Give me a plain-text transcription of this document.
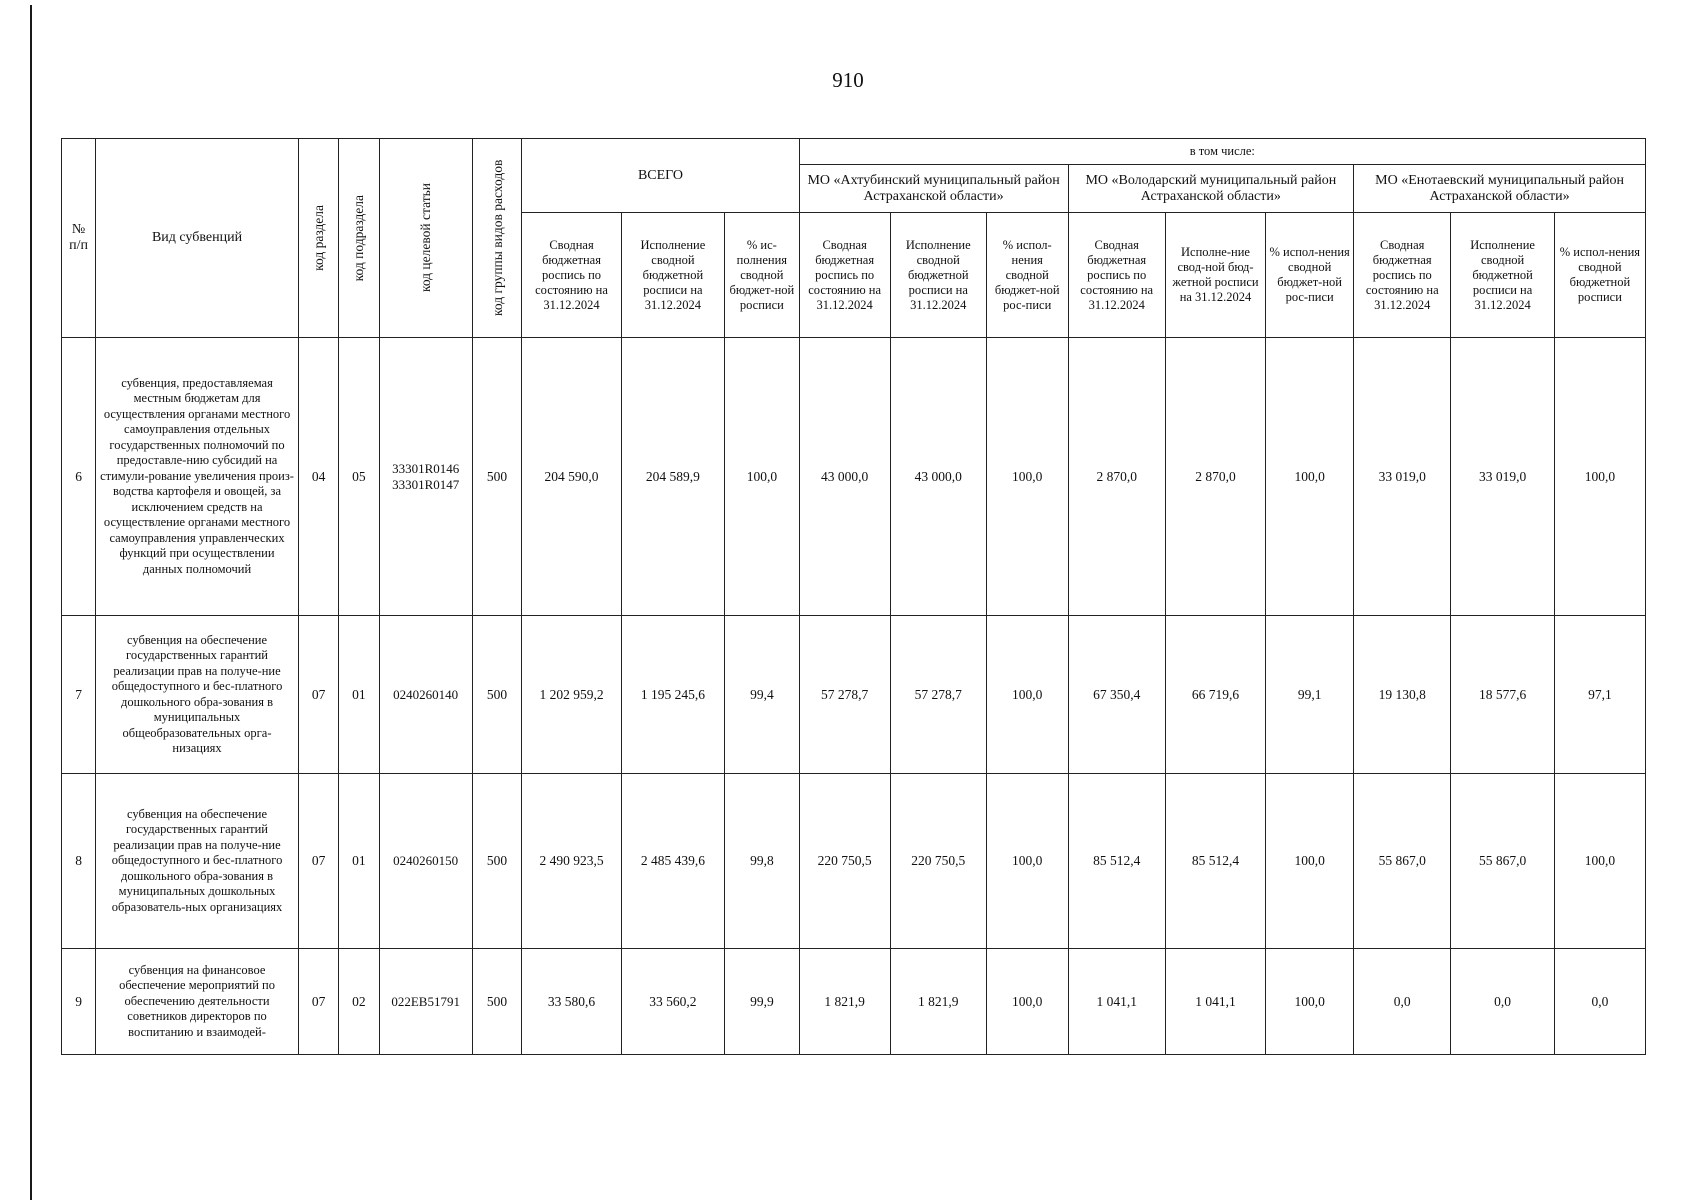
910
№ п/п	Вид субвенций	код раздела	код подраздела	код целевой статьи	код группы видов расходов	ВСЕГО			в том числе:								
									МО «Ахтубинский муниципальный район Астраханской области»			МО «Володарский муниципальный район Астраханской области»			МО «Енотаевский муниципальный район Астраханской области»		
						Сводная бюджетная роспись по состоянию на 31.12.2024	Исполнение сводной бюджетной росписи на 31.12.2024	% ис-полнения сводной бюджет-ной росписи	Сводная бюджетная роспись по состоянию на 31.12.2024	Исполнение сводной бюджетной росписи на 31.12.2024	% испол-нения сводной бюджет-ной рос-писи	Сводная бюджетная роспись по состоянию на 31.12.2024	Исполне-ние свод-ной бюд-жетной росписи на 31.12.2024	% испол-нения сводной бюджет-ной рос-писи	Сводная бюджетная роспись по состоянию на 31.12.2024	Исполнение сводной бюджетной росписи на 31.12.2024	% испол-нения сводной бюджетной росписи
6	субвенция, предоставляемая местным бюджетам для осуществления органами местного самоуправления отдельных государственных полномочий по предоставле-нию субсидий на стимули-рование увеличения произ-водства картофеля и овощей, за исключением средств на осуществление органами местного самоуправления управленческих функций при осуществлении данных полномочий	04	05	33301R0146 33301R0147	500	204 590,0	204 589,9	100,0	43 000,0	43 000,0	100,0	2 870,0	2 870,0	100,0	33 019,0	33 019,0	100,0
7	субвенция на обеспечение государственных гарантий реализации прав на получе-ние общедоступного и бес-платного дошкольного обра-зования в муниципальных общеобразовательных орга-низациях	07	01	0240260140	500	1 202 959,2	1 195 245,6	99,4	57 278,7	57 278,7	100,0	67 350,4	66 719,6	99,1	19 130,8	18 577,6	97,1
8	субвенция на обеспечение государственных гарантий реализации прав на получе-ние общедоступного и бес-платного дошкольного обра-зования в муниципальных дошкольных образователь-ных организациях	07	01	0240260150	500	2 490 923,5	2 485 439,6	99,8	220 750,5	220 750,5	100,0	85 512,4	85 512,4	100,0	55 867,0	55 867,0	100,0
9	субвенция на финансовое обеспечение мероприятий по обеспечению деятельности советников директоров по воспитанию и взаимодей-	07	02	022EB51791	500	33 580,6	33 560,2	99,9	1 821,9	1 821,9	100,0	1 041,1	1 041,1	100,0	0,0	0,0	0,0
